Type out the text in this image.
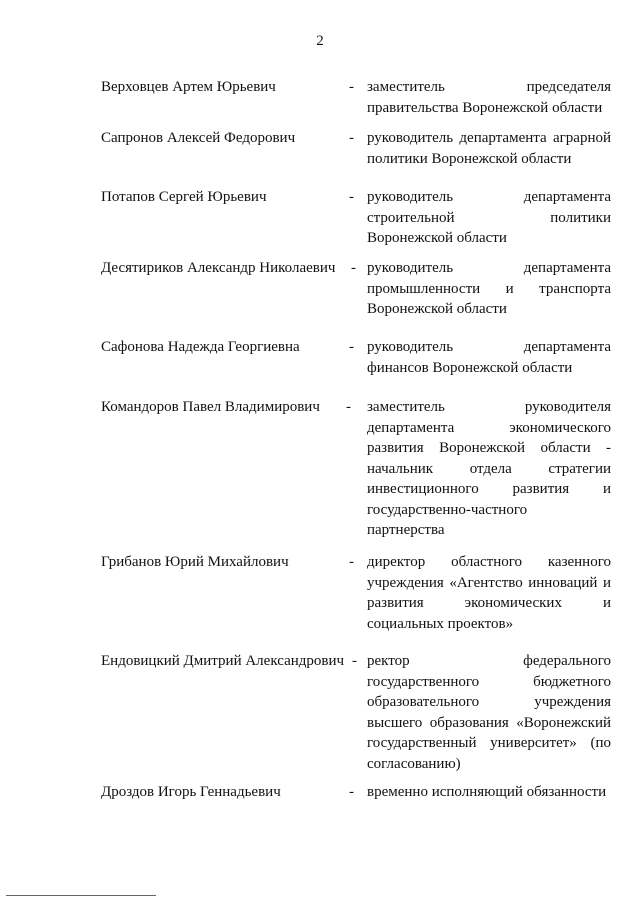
2
Верховцев Артем Юрьевич	- заместитель председателя
правительства Воронежской области
Сапронов Алексей Федорович	- руководитель департамента аграрной
политики Воронежской области
Потапов Сергей Юрьевич	- руководитель департамента
строительной политики
Воронежской области
Десятириков Александр Николаевич - руководитель департамента
промышленности и транспорта
Воронежской области
Сафонова Надежда Георгиевна	- руководитель департамента
финансов Воронежской области
Командоров Павел Владимирович - заместитель руководителя
департамента экономического
развития Воронежской области -
начальник отдела стратегии
инвестиционного развития и
государственно-частного
партнерства
Грибанов Юрий Михайлович	- директор областного казенного
учреждения «Агентство инноваций и
развития экономических и
социальных проектов»
Ендовицкий Дмитрий Александрович - ректор федерального
государственного бюджетного
образовательного учреждения
высшего образования «Воронежский
государственный университет» (по
согласованию)
Дроздов Игорь Геннадьевич	- временно исполняющий обязанности
